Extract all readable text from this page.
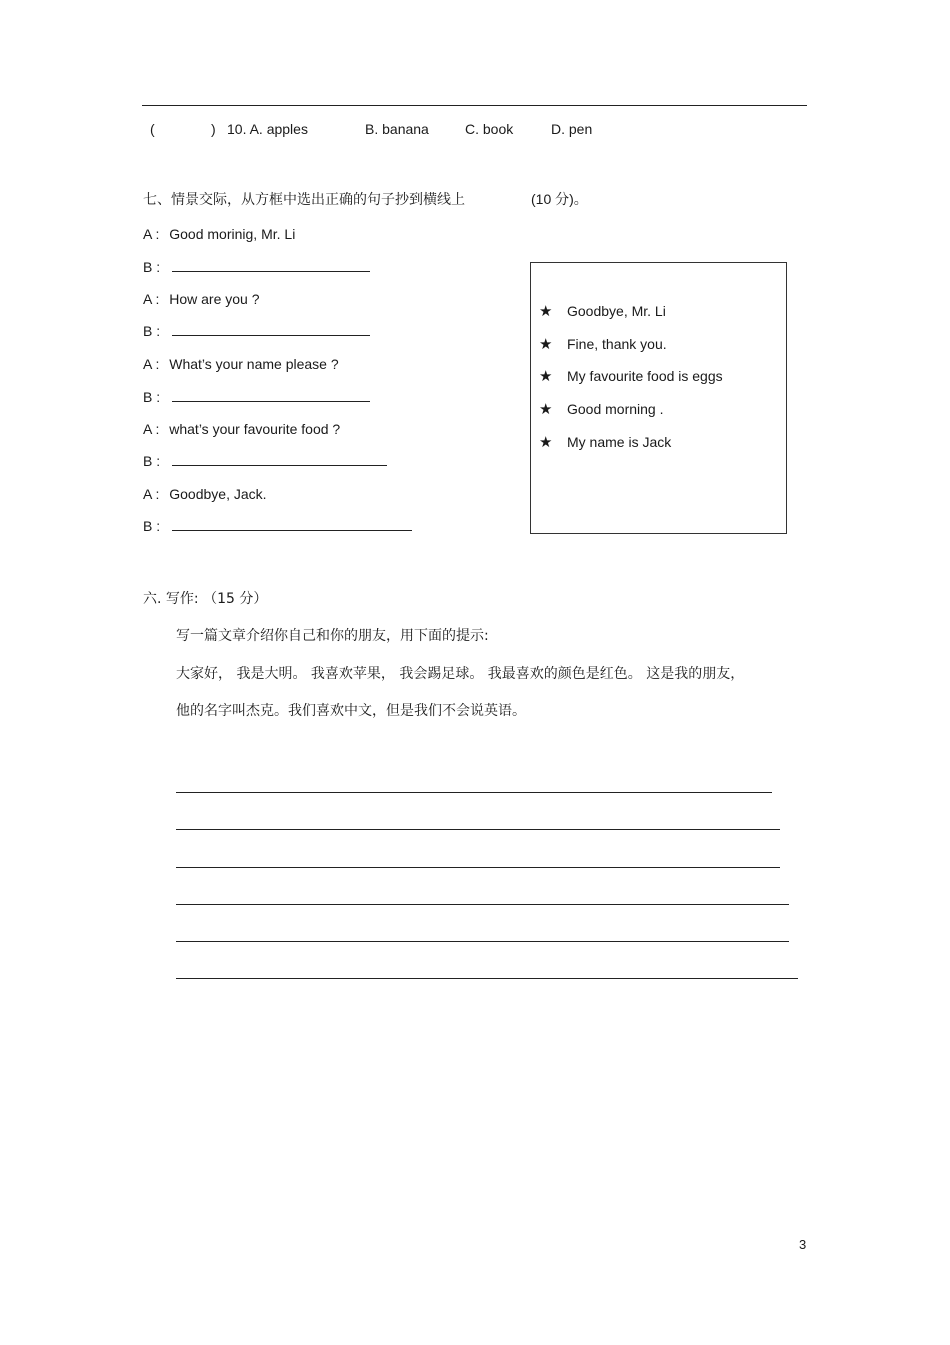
(	) 10. A. apples	B. banana	C. book	D. pen
七、情景交际，从方框中选出正确的句子抄到横线上	(10 分)。
A : Good morinig, Mr. Li
B :
A : How are you ?
B :
A : What’s your name please ?
B :
A : what’s your favourite food ?
B :
A : Goodbye, Jack.
B :
★ Goodbye, Mr. Li
★ Fine, thank you.
★ My favourite food is eggs
★ Good morning .
★ My name is Jack
六. 写作: （15 分）
写一篇文章介绍你自己和你的朋友，用下面的提示:
大家好， 我是大明。 我喜欢苹果， 我会踢足球。 我最喜欢的颜色是红色。 这是我的朋友，
他的名字叫杰克。我们喜欢中文，但是我们不会说英语。
3
